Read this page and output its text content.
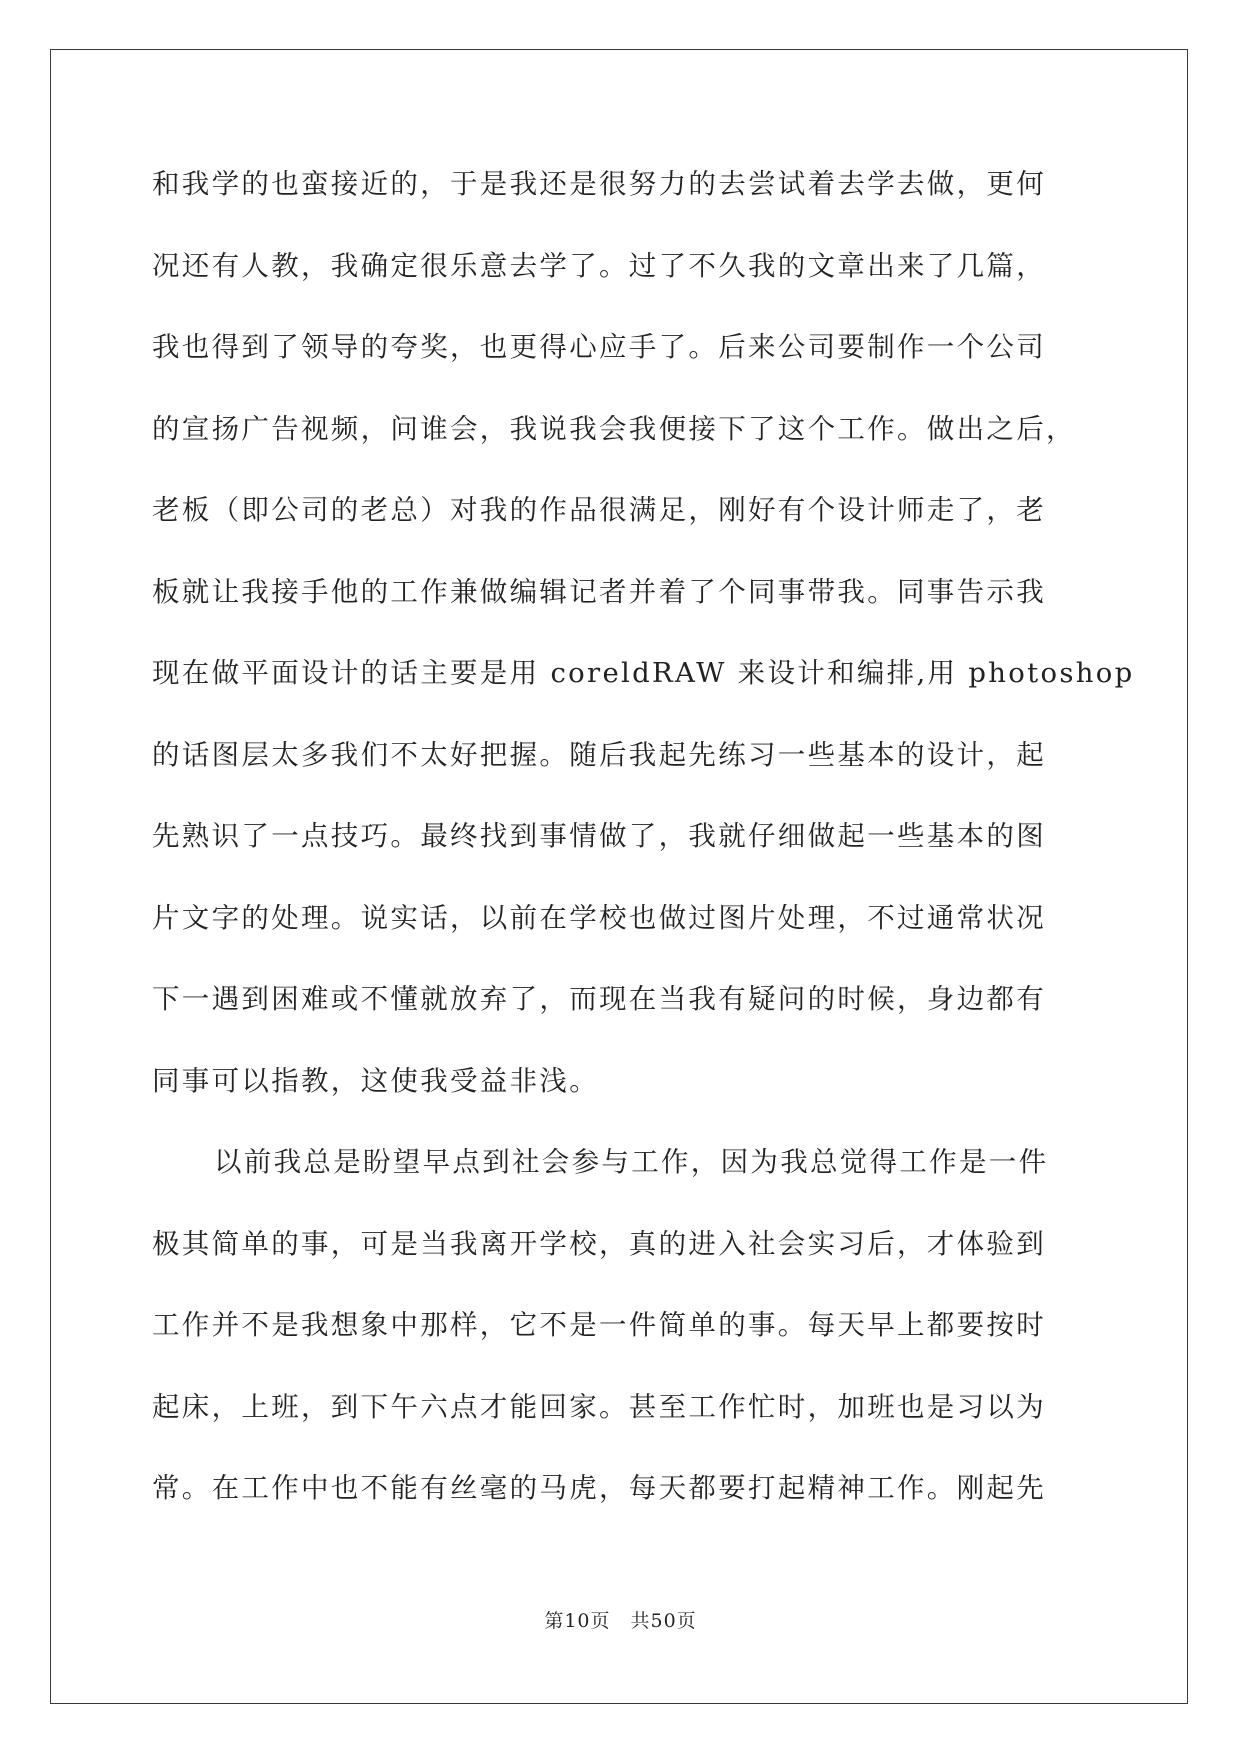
和我学的也蛮接近的，于是我还是很努力的去尝试着去学去做，更何
况还有人教，我确定很乐意去学了。过了不久我的文章出来了几篇，
我也得到了领导的夸奖，也更得心应手了。后来公司要制作一个公司
的宣扬广告视频，问谁会，我说我会我便接下了这个工作。做出之后，
老板（即公司的老总）对我的作品很满足，刚好有个设计师走了，老
板就让我接手他的工作兼做编辑记者并着了个同事带我。同事告示我
现在做平面设计的话主要是用 coreldRAW 来设计和编排,用 photoshop
的话图层太多我们不太好把握。随后我起先练习一些基本的设计，起
先熟识了一点技巧。最终找到事情做了，我就仔细做起一些基本的图
片文字的处理。说实话，以前在学校也做过图片处理，不过通常状况
下一遇到困难或不懂就放弃了，而现在当我有疑问的时候，身边都有
同事可以指教，这使我受益非浅。
以前我总是盼望早点到社会参与工作，因为我总觉得工作是一件
极其简单的事，可是当我离开学校，真的进入社会实习后，才体验到
工作并不是我想象中那样，它不是一件简单的事。每天早上都要按时
起床，上班，到下午六点才能回家。甚至工作忙时，加班也是习以为
常。在工作中也不能有丝毫的马虎，每天都要打起精神工作。刚起先
第10页　共50页
